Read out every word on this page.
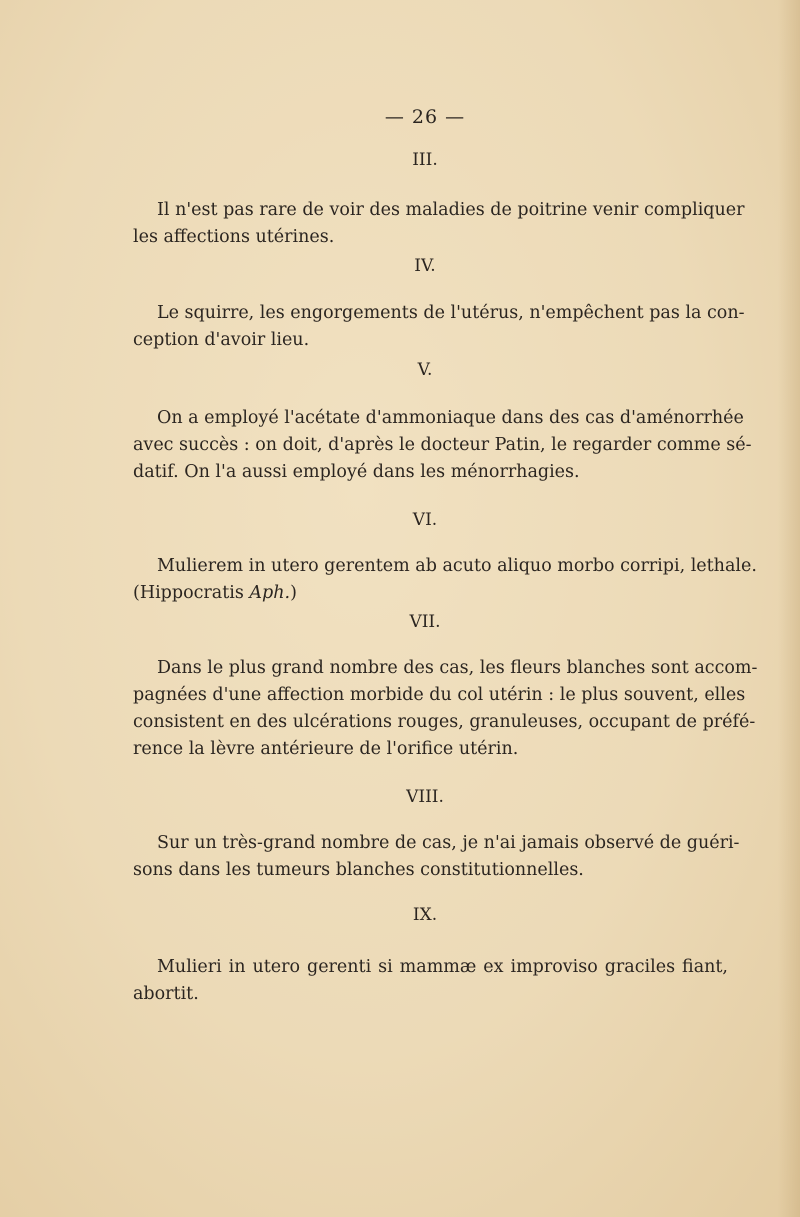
— 26 —
III.

Il n'est pas rare de voir des maladies de poitrine venir compliquer
les affections utérines.

IV.

Le squirre, les engorgements de l'utérus, n'empêchent pas la con-
ception d'avoir lieu.

V.

On a employé l'acétate d'ammoniaque dans des cas d'aménorrhée
avec succès : on doit, d'après le docteur Patin, le regarder comme sé-
datif. On l'a aussi employé dans les ménorrhagies.

VI.

Mulierem in utero gerentem ab acuto aliquo morbo corripi, lethale.
(Hippocratis Aph.)

VII.

Dans le plus grand nombre des cas, les fleurs blanches sont accom-
pagnées d'une affection morbide du col utérin : le plus souvent, elles
consistent en des ulcérations rouges, granuleuses, occupant de préfé-
rence la lèvre antérieure de l'orifice utérin.

VIII.

Sur un très-grand nombre de cas, je n'ai jamais observé de guéri-
sons dans les tumeurs blanches constitutionnelles.

IX.

Mulieri in utero gerenti si mammæ ex improviso graciles fiant,
abortit.
